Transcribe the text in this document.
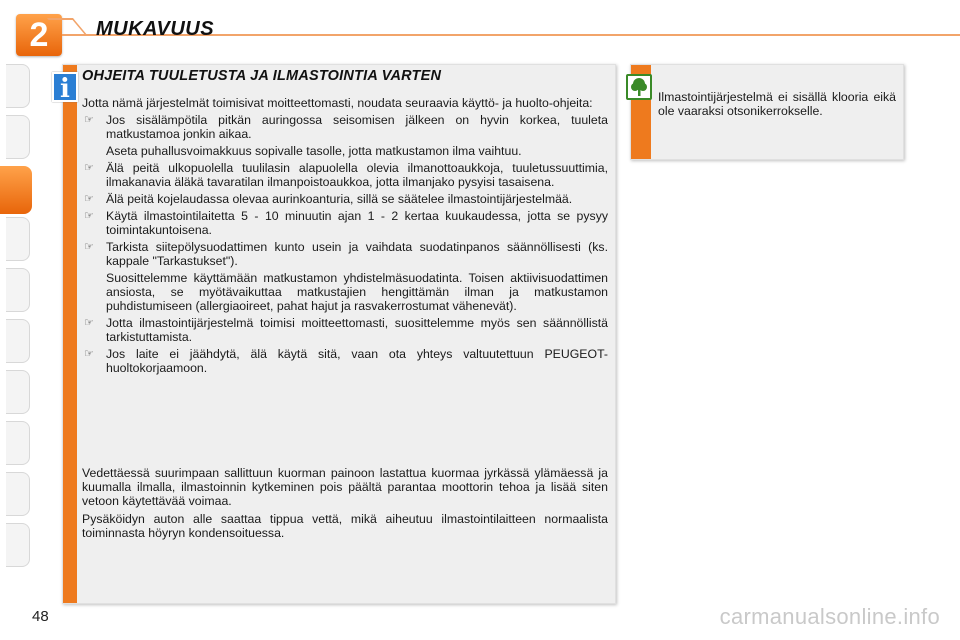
2	MUKAVUUS
i OHJEITA TUULETUSTA JA ILMASTOINTIA VARTEN

Jotta nämä järjestelmät toimisivat moitteettomasti, noudata seuraavia käyttö- ja huolto-ohjeita:

☞ Jos sisälämpötila pitkän auringossa seisomisen jälkeen on hyvin korkea, tuuleta matkustamoa jonkin aikaa.
Aseta puhallusvoimakkuus sopivalle tasolle, jotta matkustamon ilma vaihtuu.
☞ Älä peitä ulkopuolella tuulilasin alapuolella olevia ilmanottoaukkoja, tuuletussuuttimia, ilmakanavia äläkä tavaratilan ilmanpoistoaukkoa, jotta ilmanjako pysyisi tasaisena.
☞ Älä peitä kojelaudassa olevaa aurinkoanturia, sillä se säätelee ilmastointijärjestelmää.
☞ Käytä ilmastointilaitetta 5 - 10 minuutin ajan 1 - 2 kertaa kuukaudessa, jotta se pysyy toimintakuntoisena.
☞ Tarkista siitepölysuodattimen kunto usein ja vaihdata suodatinpanos säännöllisesti (ks. kappale "Tarkastukset").
Suosittelemme käyttämään matkustamon yhdistelmäsuodatinta. Toisen aktiivisuodattimen ansiosta, se myötävaikuttaa matkustajien hengittämän ilman ja matkustamon puhdistumiseen (allergiaoireet, pahat hajut ja rasvakerrostumat vähenevät).
☞ Jotta ilmastointijärjestelmä toimisi moitteettomasti, suosittelemme myös sen säännöllistä tarkistuttamista.
☞ Jos laite ei jäähdytä, älä käytä sitä, vaan ota yhteys valtuutettuun PEUGEOT-huoltokorjaamoon.

Vedettäessä suurimpaan sallittuun kuorman painoon lastattua kuormaa jyrkässä ylämäessä ja kuumalla ilmalla, ilmastoinnin kytkeminen pois päältä parantaa moottorin tehoa ja lisää siten vetoon käytettävää voimaa.

Pysäköidyn auton alle saattaa tippua vettä, mikä aiheutuu ilmastointilaitteen normaalista toiminnasta höyryn kondensoituessa.

Ilmastointijärjestelmä ei sisällä klooria eikä ole vaaraksi otsonikerrokselle.
48	carmanualsonline.info
